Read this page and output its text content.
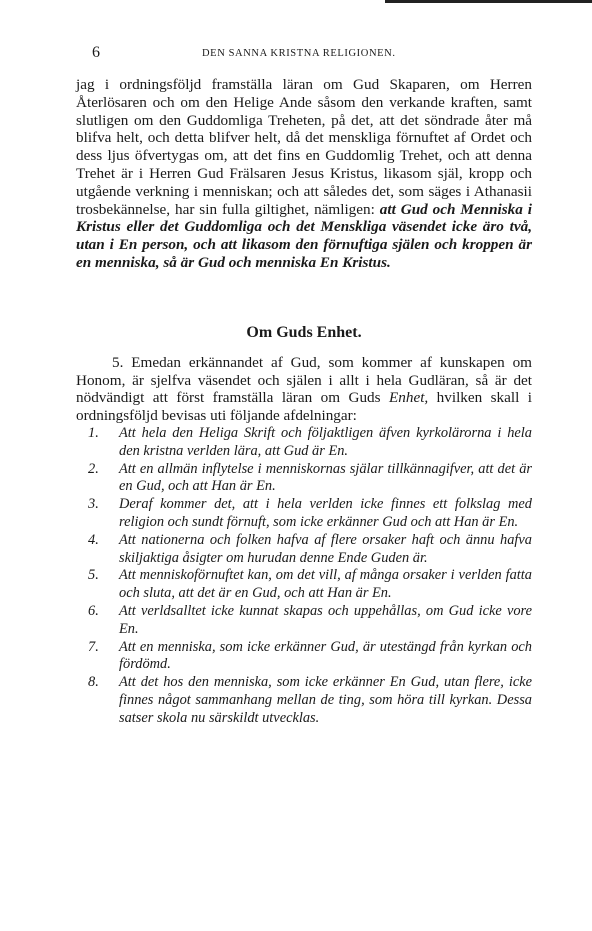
6	DEN SANNA KRISTNA RELIGIONEN.

jag i ordningsföljd framställa läran om Gud Skaparen, om Herren Återlösaren och om den Helige Ande såsom den verkande kraften, samt slutligen om den Guddomliga Treheten, på det, att det söndrade åter må blifva helt, och detta blifver helt, då det menskliga förnuftet af Ordet och dess ljus öfvertygas om, att det fins en Guddomlig Trehet, och att denna Trehet är i Herren Gud Frälsaren Jesus Kristus, likasom själ, kropp och utgående verkning i menniskan; och att således det, som säges i Athanasii trosbekännelse, har sin fulla giltighet, nämligen: att Gud och Menniska i Kristus eller det Guddomliga och det Menskliga väsendet icke äro två, utan i En person, och att likasom den förnuftiga själen och kroppen är en menniska, så är Gud och menniska En Kristus.

Om Guds Enhet.

5. Emedan erkännandet af Gud, som kommer af kunskapen om Honom, är sjelfva väsendet och själen i allt i hela Gudläran, så är det nödvändigt att först framställa läran om Guds Enhet, hvilken skall i ordningsföljd bevisas uti följande afdelningar:

1. Att hela den Heliga Skrift och följaktligen äfven kyrkolärorna i hela den kristna verlden lära, att Gud är En.
2. Att en allmän inflytelse i menniskornas själar tillkännagifver, att det är en Gud, och att Han är En.
3. Deraf kommer det, att i hela verlden icke finnes ett folkslag med religion och sundt förnuft, som icke erkänner Gud och att Han är En.
4. Att nationerna och folken hafva af flere orsaker haft och ännu hafva skiljaktiga åsigter om hurudan denne Ende Guden är.
5. Att menniskoförnuftet kan, om det vill, af många orsaker i verlden fatta och sluta, att det är en Gud, och att Han är En.
6. Att verldsalltet icke kunnat skapas och uppehållas, om Gud icke vore En.
7. Att en menniska, som icke erkänner Gud, är utestängd från kyrkan och fördömd.
8. Att det hos den menniska, som icke erkänner En Gud, utan flere, icke finnes något sammanhang mellan de ting, som höra till kyrkan. Dessa satser skola nu särskildt utvecklas.
